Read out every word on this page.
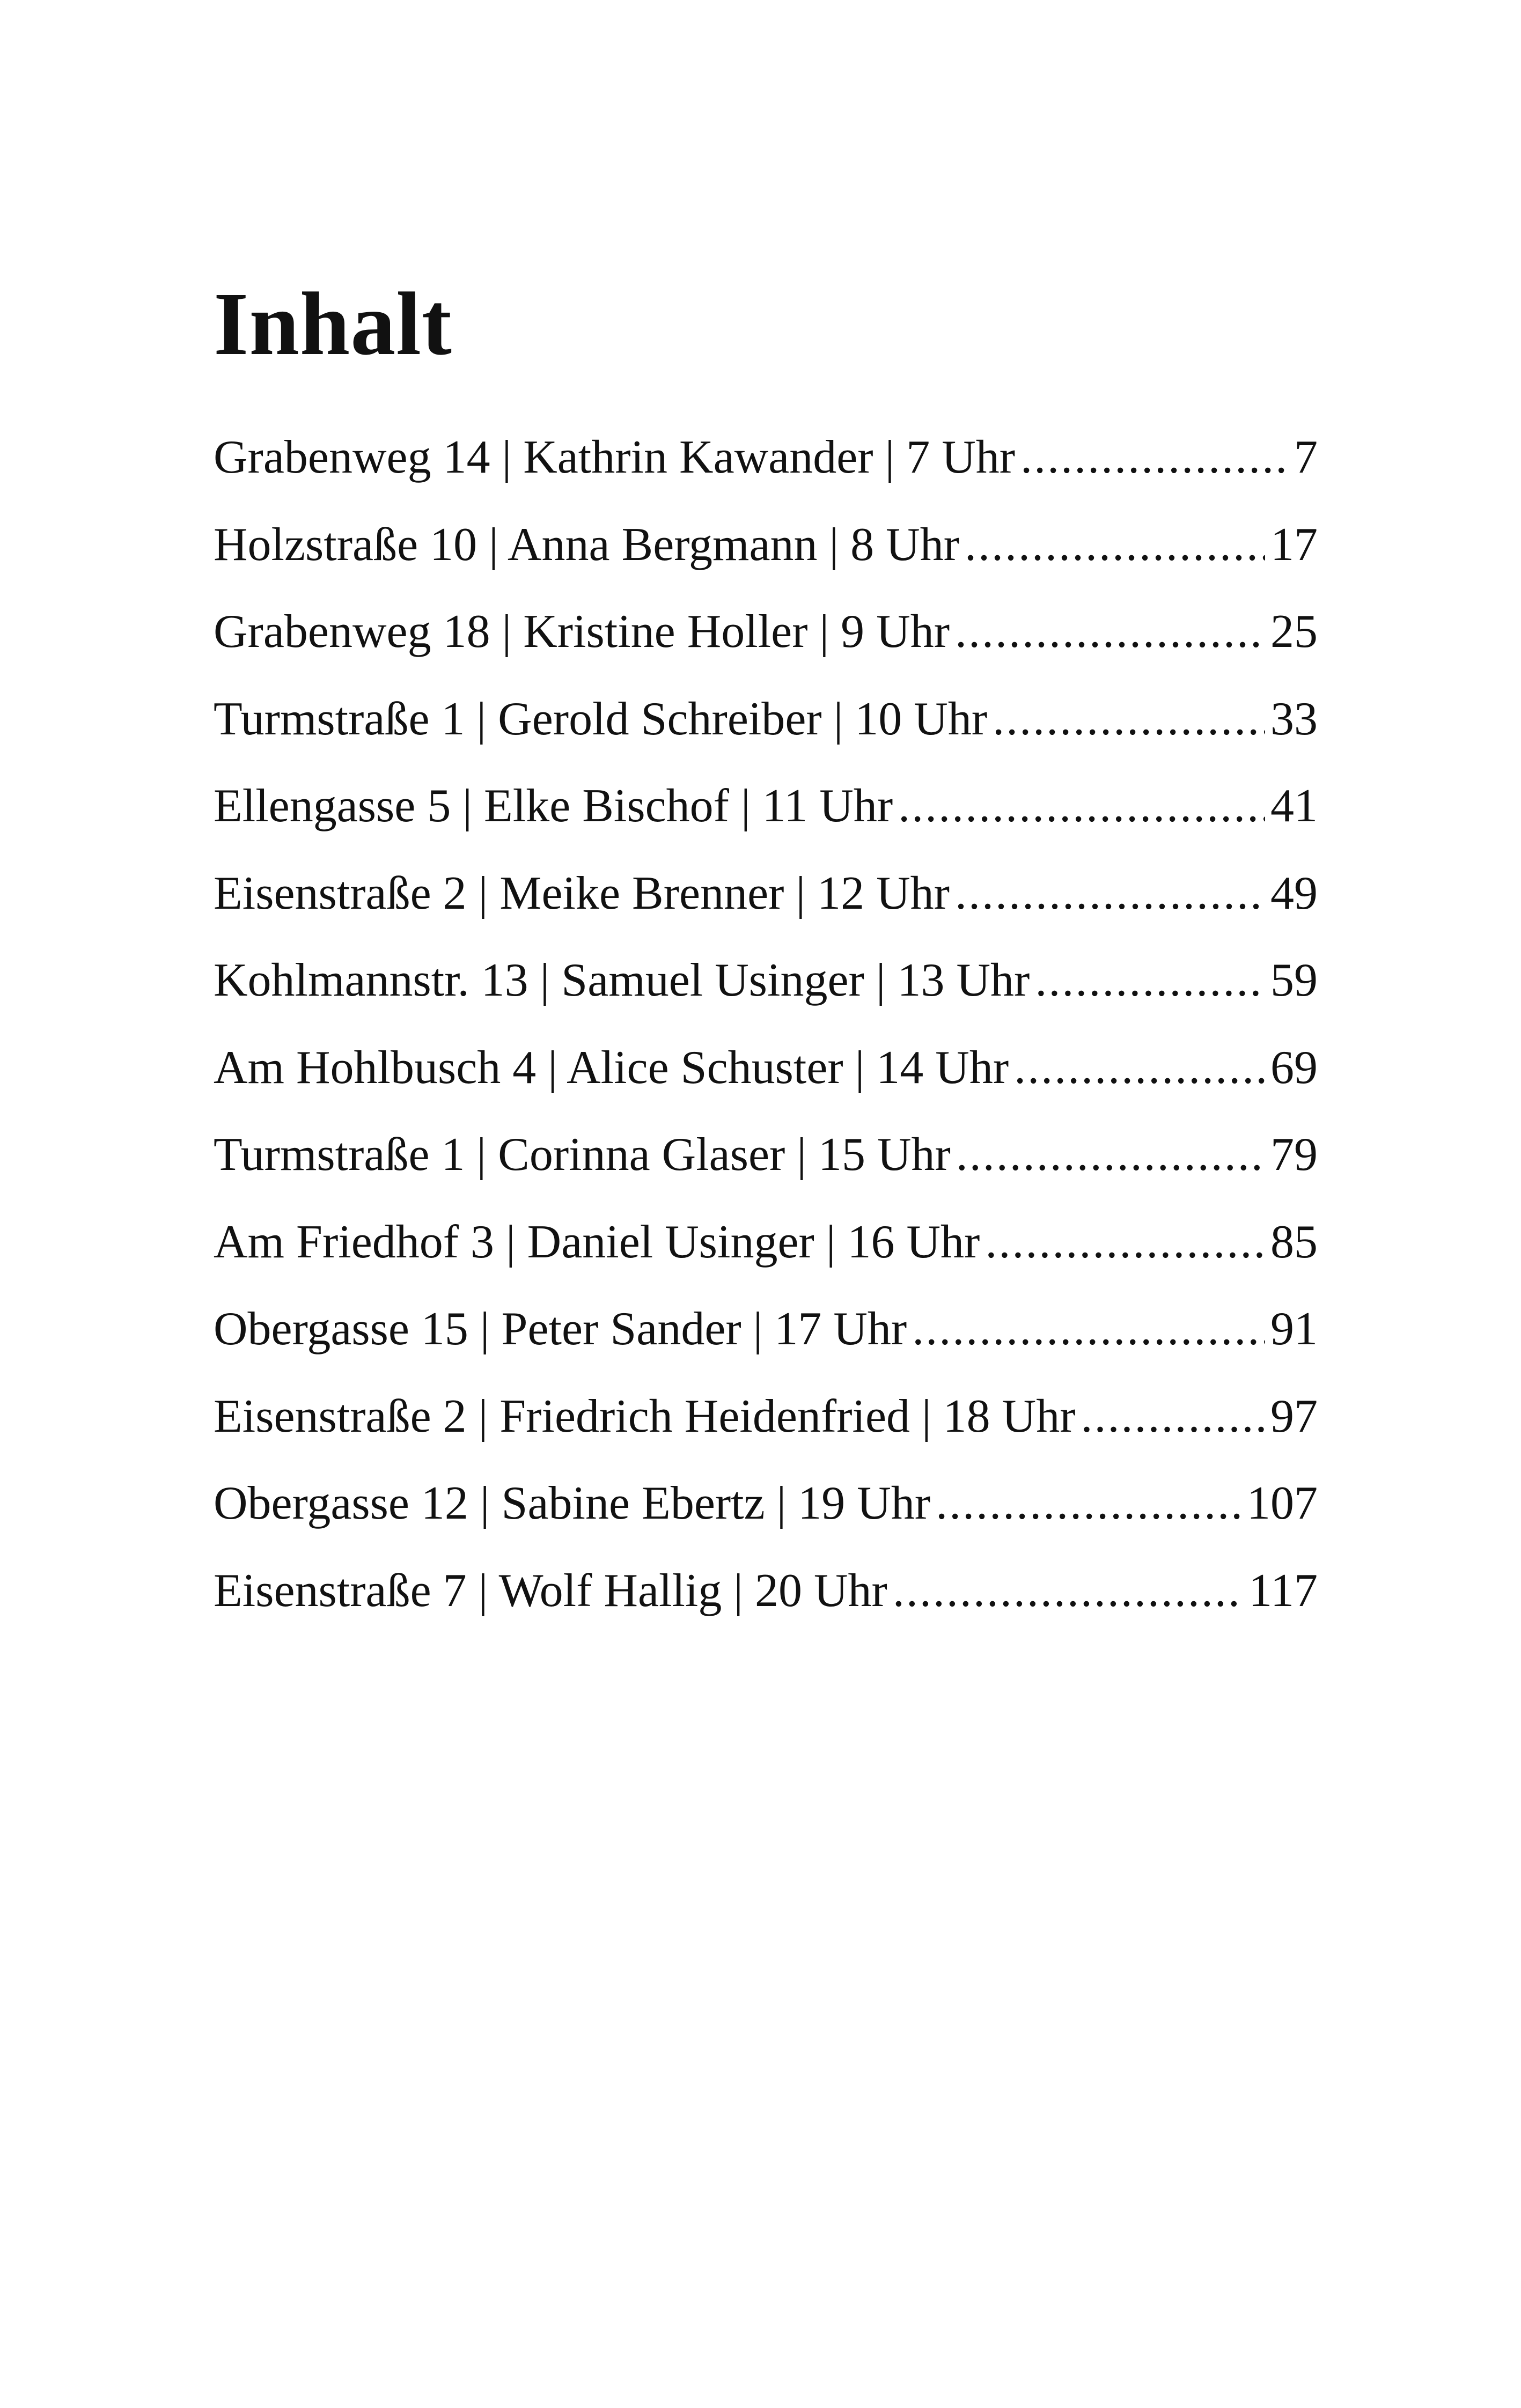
Inhalt
Grabenweg 14 | Kathrin Kawander | 7 Uhr .....	7
Holzstraße 10 | Anna Bergmann | 8 Uhr .....	17
Grabenweg 18 | Kristine Holler | 9 Uhr .....	25
Turmstraße 1 | Gerold Schreiber | 10 Uhr .....	33
Ellengasse 5 | Elke Bischof | 11 Uhr .....	41
Eisenstraße 2 | Meike Brenner | 12 Uhr .....	49
Kohlmannstr. 13 | Samuel Usinger | 13 Uhr .....	59
Am Hohlbusch 4 | Alice Schuster | 14 Uhr .....	69
Turmstraße 1 | Corinna Glaser | 15 Uhr .....	79
Am Friedhof 3 | Daniel Usinger | 16 Uhr .....	85
Obergasse 15 | Peter Sander | 17 Uhr .....	91
Eisenstraße 2 | Friedrich Heidenfried | 18 Uhr .....	97
Obergasse 12 | Sabine Ebertz | 19 Uhr .....	107
Eisenstraße 7 | Wolf Hallig | 20 Uhr .....	117
